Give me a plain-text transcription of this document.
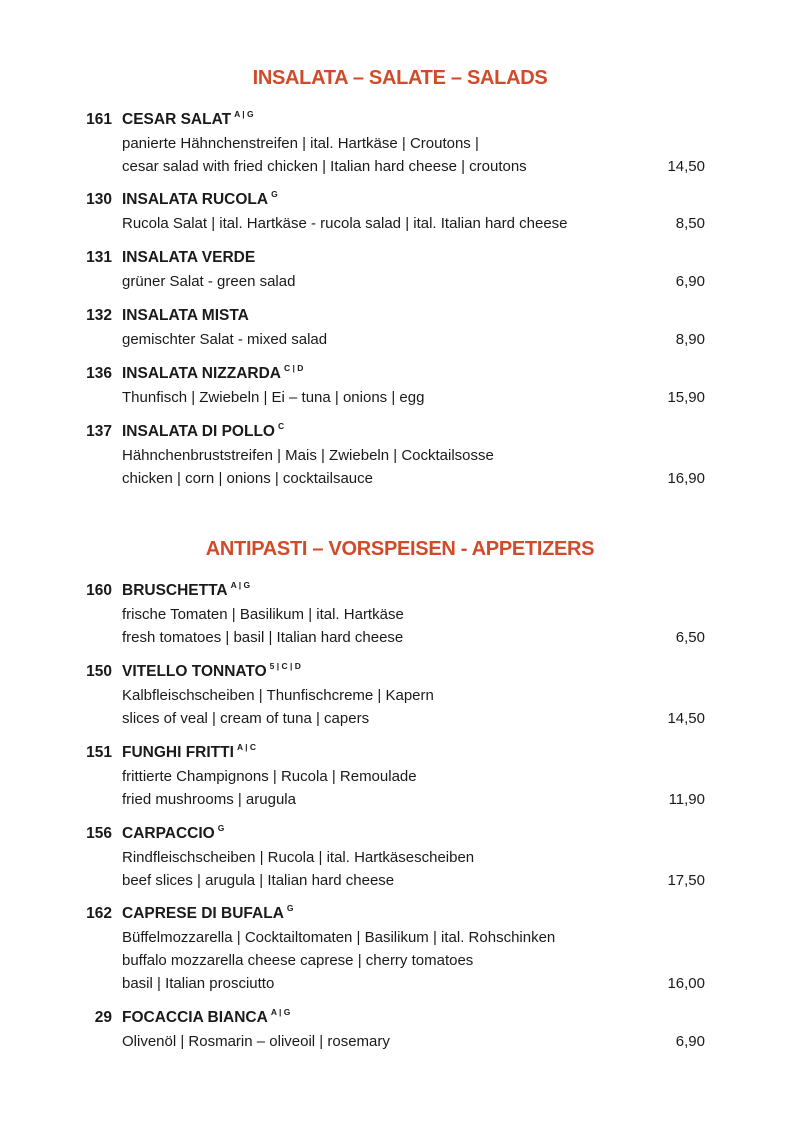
INSALATA – SALATE – SALADS
161 CESAR SALAT $^{A | G}$
panierte Hähnchenstreifen | ital. Hartkäse | Croutons |
cesar salad with fried chicken | Italian hard cheese | croutons	14,50
130 INSALATA RUCOLA $^G$
Rucola Salat | ital. Hartkäse - rucola salad | ital. Italian hard cheese	8,50
131 INSALATA VERDE
grüner Salat - green salad	6,90
132 INSALATA MISTA
gemischter Salat - mixed salad	8,90
136 INSALATA NIZZARDA $^{C | D}$
Thunfisch | Zwiebeln | Ei – tuna | onions | egg	15,90
137 INSALATA DI POLLO $^C$
Hähnchenbruststreifen | Mais | Zwiebeln | Cocktailsosse
chicken | corn | onions | cocktailsauce	16,90
ANTIPASTI – VORSPEISEN - APPETIZERS
160 BRUSCHETTA $^{A | G}$
frische Tomaten | Basilikum | ital. Hartkäse
fresh tomatoes | basil | Italian hard cheese	6,50
150 VITELLO TONNATO $^{5 | C | D}$
Kalbfleischscheiben | Thunfischcreme | Kapern
slices of veal | cream of tuna | capers	14,50
151 FUNGHI FRITTI $^{A | C}$
frittierte Champignons | Rucola | Remoulade
fried mushrooms | arugula	11,90
156 CARPACCIO $^G$
Rindfleischscheiben | Rucola | ital. Hartkäsescheiben
beef slices | arugula | Italian hard cheese	17,50
162 CAPRESE DI BUFALA $^G$
Büffelmozzarella | Cocktailtomaten | Basilikum | ital. Rohschinken
buffalo mozzarella cheese caprese | cherry tomatoes
basil | Italian prosciutto	16,00
29 FOCACCIA BIANCA $^{A | G}$
Olivenöl | Rosmarin – oliveoil | rosemary	6,90
